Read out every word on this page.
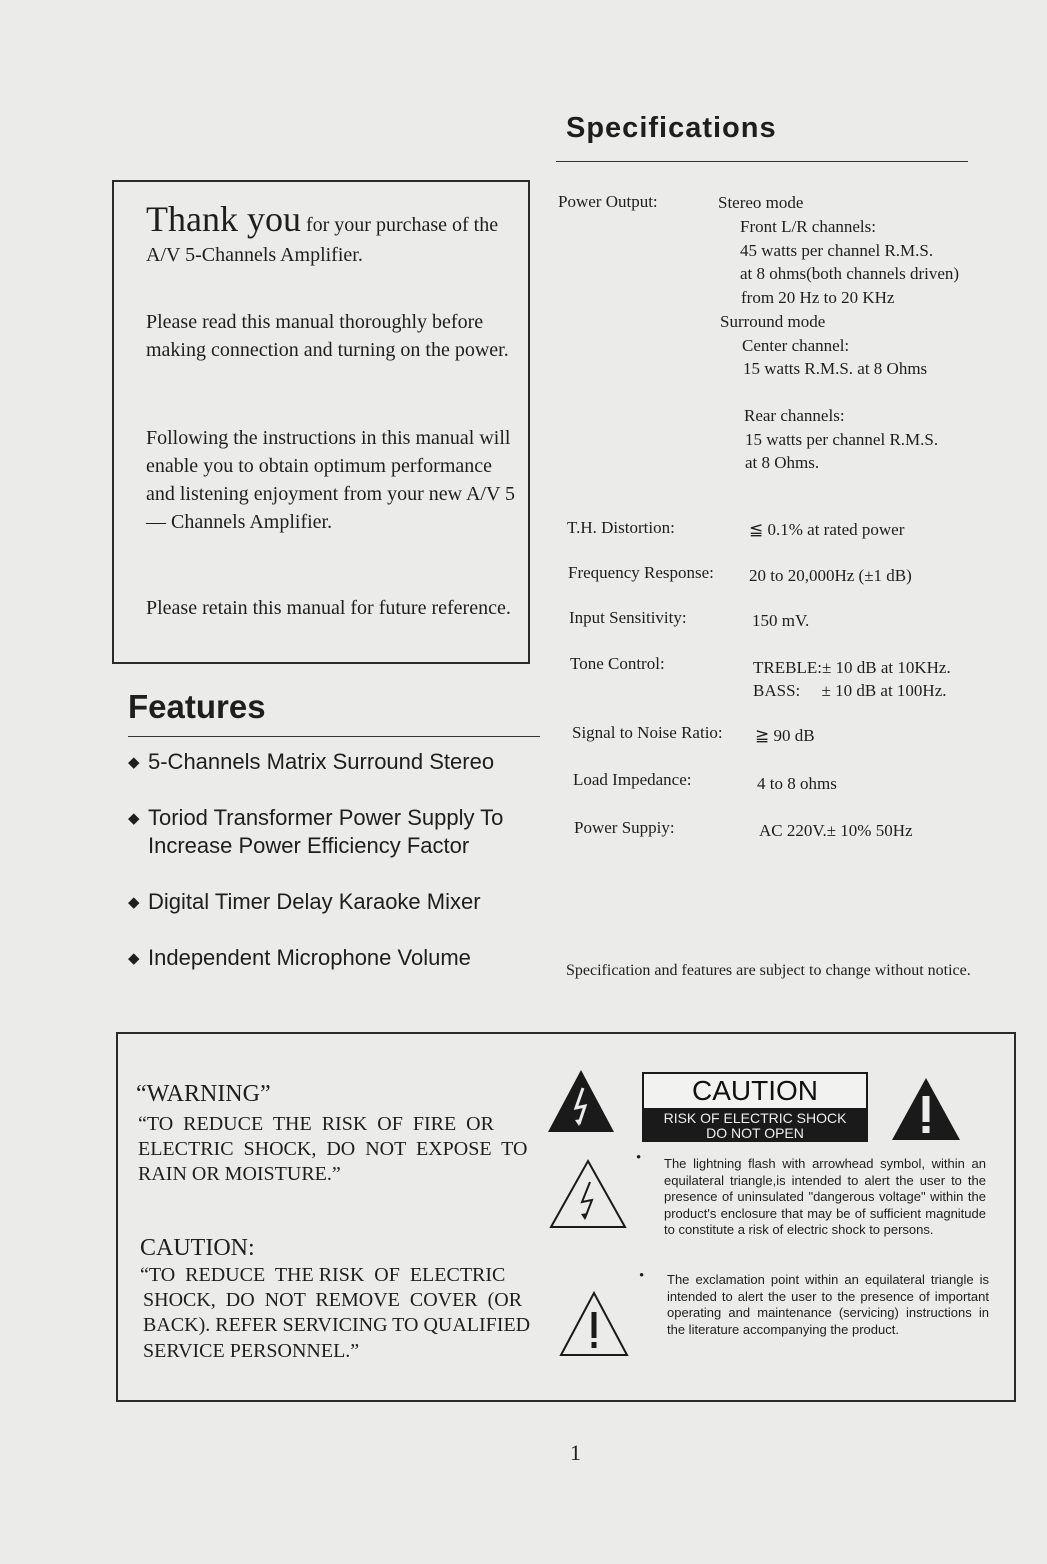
Thank you for your purchase of the A/V 5-Channels Amplifier.
Please read this manual thoroughly before making connection and turning on the power.
Following the instructions in this manual will enable you to obtain optimum performance and listening enjoyment from your new A/V 5 — Channels Amplifier.
Please retain this manual for future reference.
Features
◆ 5-Channels Matrix Surround Stereo
◆ Toriod Transformer Power Supply To
Increase Power Efficiency Factor
◆ Digital Timer Delay Karaoke Mixer
◆ Independent Microphone Volume
Specifications
Power Output:	Stereo mode
Front L/R channels:
45 watts per channel R.M.S.
at 8 ohms(both channels driven)
from 20 Hz to 20 KHz
Surround mode
Center channel:
15 watts R.M.S. at 8 Ohms
Rear channels:
15 watts per channel R.M.S.
at 8 Ohms.
T.H. Distortion:	≦ 0.1% at rated power
Frequency Response: 20 to 20,000Hz (±1 dB)
Input Sensitivity:	150 mV.
Tone Control:	TREBLE:± 10 dB at 10KHz.
BASS:     ± 10 dB at 100Hz.
Signal to Noise Ratio: ≧ 90 dB
Load Impedance:	4 to 8 ohms
Power Suppiy:	AC 220V.± 10% 50Hz
Specification and features are subject to change without notice.
“WARNING”
“TO  REDUCE  THE  RISK  OF  FIRE  OR
ELECTRIC  SHOCK,  DO  NOT  EXPOSE  TO
RAIN OR MOISTURE.”
CAUTION:
“TO  REDUCE  THE RISK  OF  ELECTRIC
SHOCK,  DO  NOT  REMOVE  COVER  (OR
BACK). REFER SERVICING TO QUALIFIED
SERVICE PERSONNEL.”
CAUTION
RISK OF ELECTRIC SHOCK
DO NOT OPEN
• The lightning flash with arrowhead symbol, within an equilateral triangle,is intended to alert the user to the presence of uninsulated "dangerous voltage" within the product's enclosure that may be of sufficient magnitude to constitute a risk of electric shock to persons.
• The exclamation point within an equilateral triangle is intended to alert the user to the presence of important operating and maintenance (servicing) instructions in the literature accompanying the product.
1
